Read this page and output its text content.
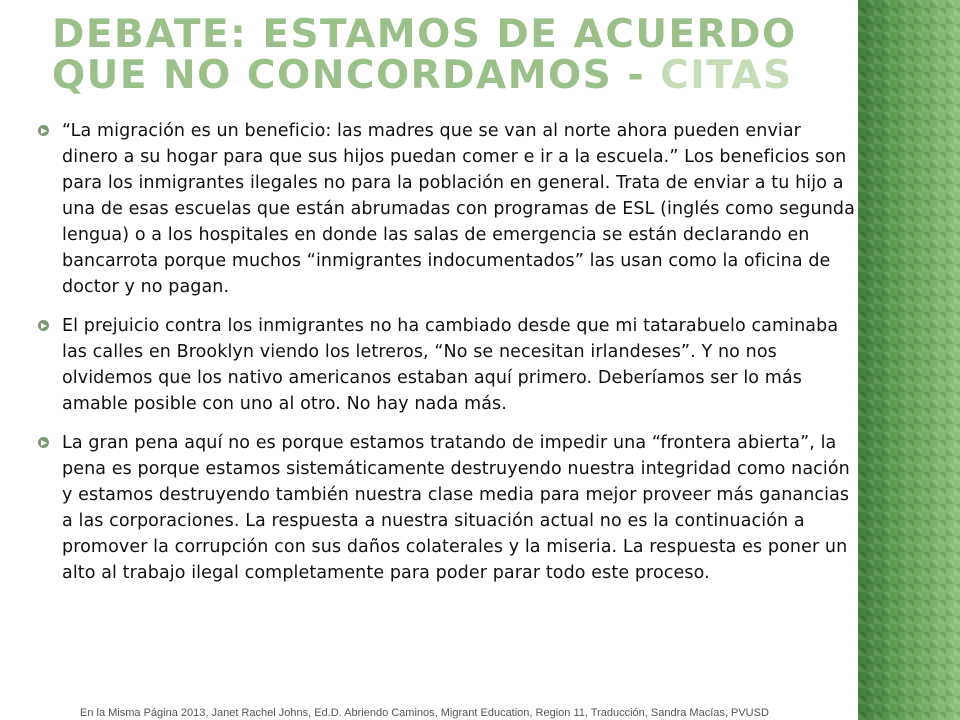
DEBATE: ESTAMOS DE ACUERDO QUE NO CONCORDAMOS - CITAS
“La migración es un beneficio: las madres que se van al norte ahora pueden enviar dinero a su hogar para que sus hijos puedan comer e ir a la escuela.” Los beneficios son para los inmigrantes ilegales no para la población en general. Trata de enviar a tu hijo a una de esas escuelas que están abrumadas con programas de ESL (inglés como segunda lengua) o a los hospitales en donde las salas de emergencia se están declarando en bancarrota porque muchos “inmigrantes indocumentados” las usan como la oficina de doctor y no pagan.
El prejuicio contra los inmigrantes no ha cambiado desde que mi tatarabuelo caminaba las calles en Brooklyn viendo los letreros, “No se necesitan irlandeses”. Y no nos olvidemos que los nativo americanos estaban aquí primero. Deberíamos ser lo más amable posible con uno al otro. No hay nada más.
La gran pena aquí no es porque estamos tratando de impedir una “frontera abierta”, la pena es porque estamos sistemáticamente destruyendo nuestra integridad como nación y estamos destruyendo también nuestra clase media para mejor proveer más ganancias a las corporaciones. La respuesta a nuestra situación actual no es la continuación a promover la corrupción con sus daños colaterales y la miseria. La respuesta es poner un alto al trabajo ilegal completamente para poder parar todo este proceso.
En la Misma Página 2013, Janet Rachel Johns, Ed.D. Abriendo Caminos, Migrant Education, Region 11, Traducción, Sandra Macías, PVUSD
